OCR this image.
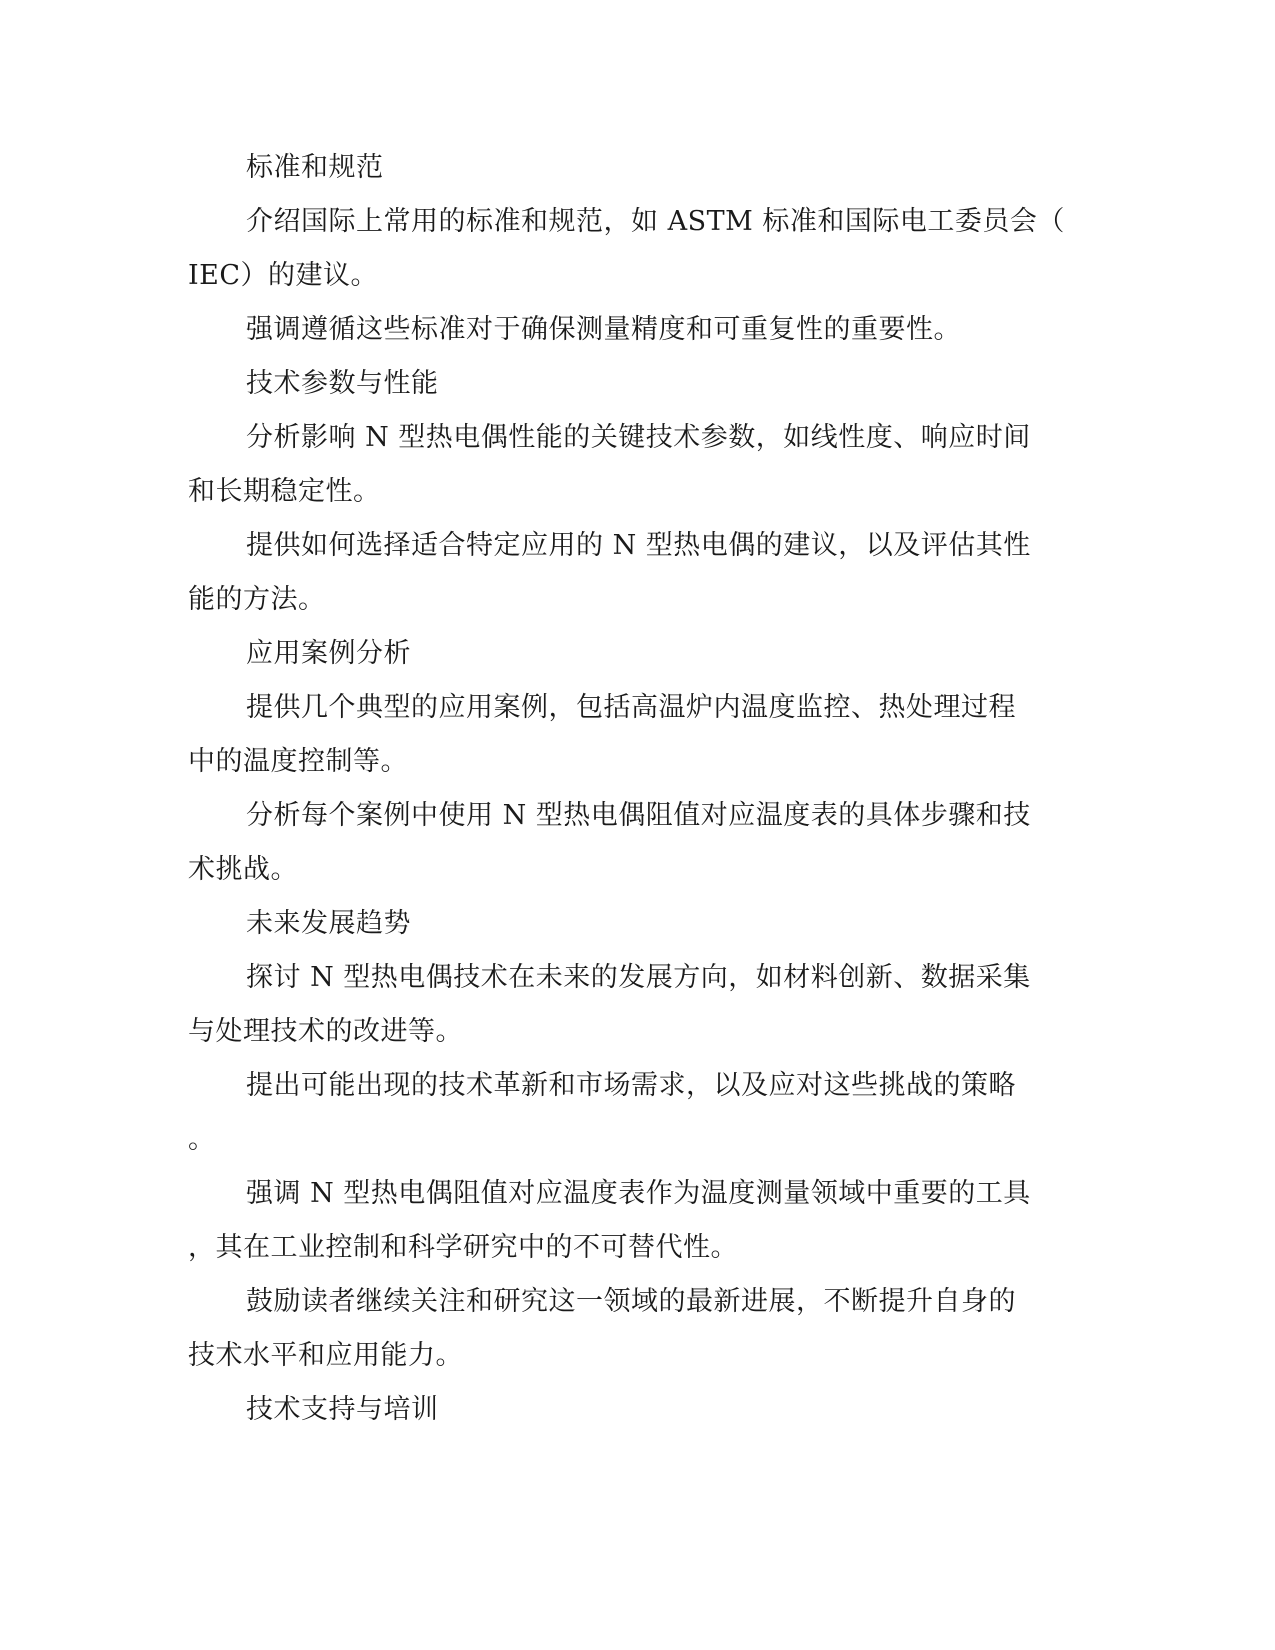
标准和规范
介绍国际上常用的标准和规范，如 ASTM 标准和国际电工委员会（
IEC）的建议。
强调遵循这些标准对于确保测量精度和可重复性的重要性。
技术参数与性能
分析影响 N 型热电偶性能的关键技术参数，如线性度、响应时间
和长期稳定性。
提供如何选择适合特定应用的 N 型热电偶的建议，以及评估其性
能的方法。
应用案例分析
提供几个典型的应用案例，包括高温炉内温度监控、热处理过程
中的温度控制等。
分析每个案例中使用 N 型热电偶阻值对应温度表的具体步骤和技
术挑战。
未来发展趋势
探讨 N 型热电偶技术在未来的发展方向，如材料创新、数据采集
与处理技术的改进等。
提出可能出现的技术革新和市场需求，以及应对这些挑战的策略
。
强调 N 型热电偶阻值对应温度表作为温度测量领域中重要的工具
，其在工业控制和科学研究中的不可替代性。
鼓励读者继续关注和研究这一领域的最新进展，不断提升自身的
技术水平和应用能力。
技术支持与培训
